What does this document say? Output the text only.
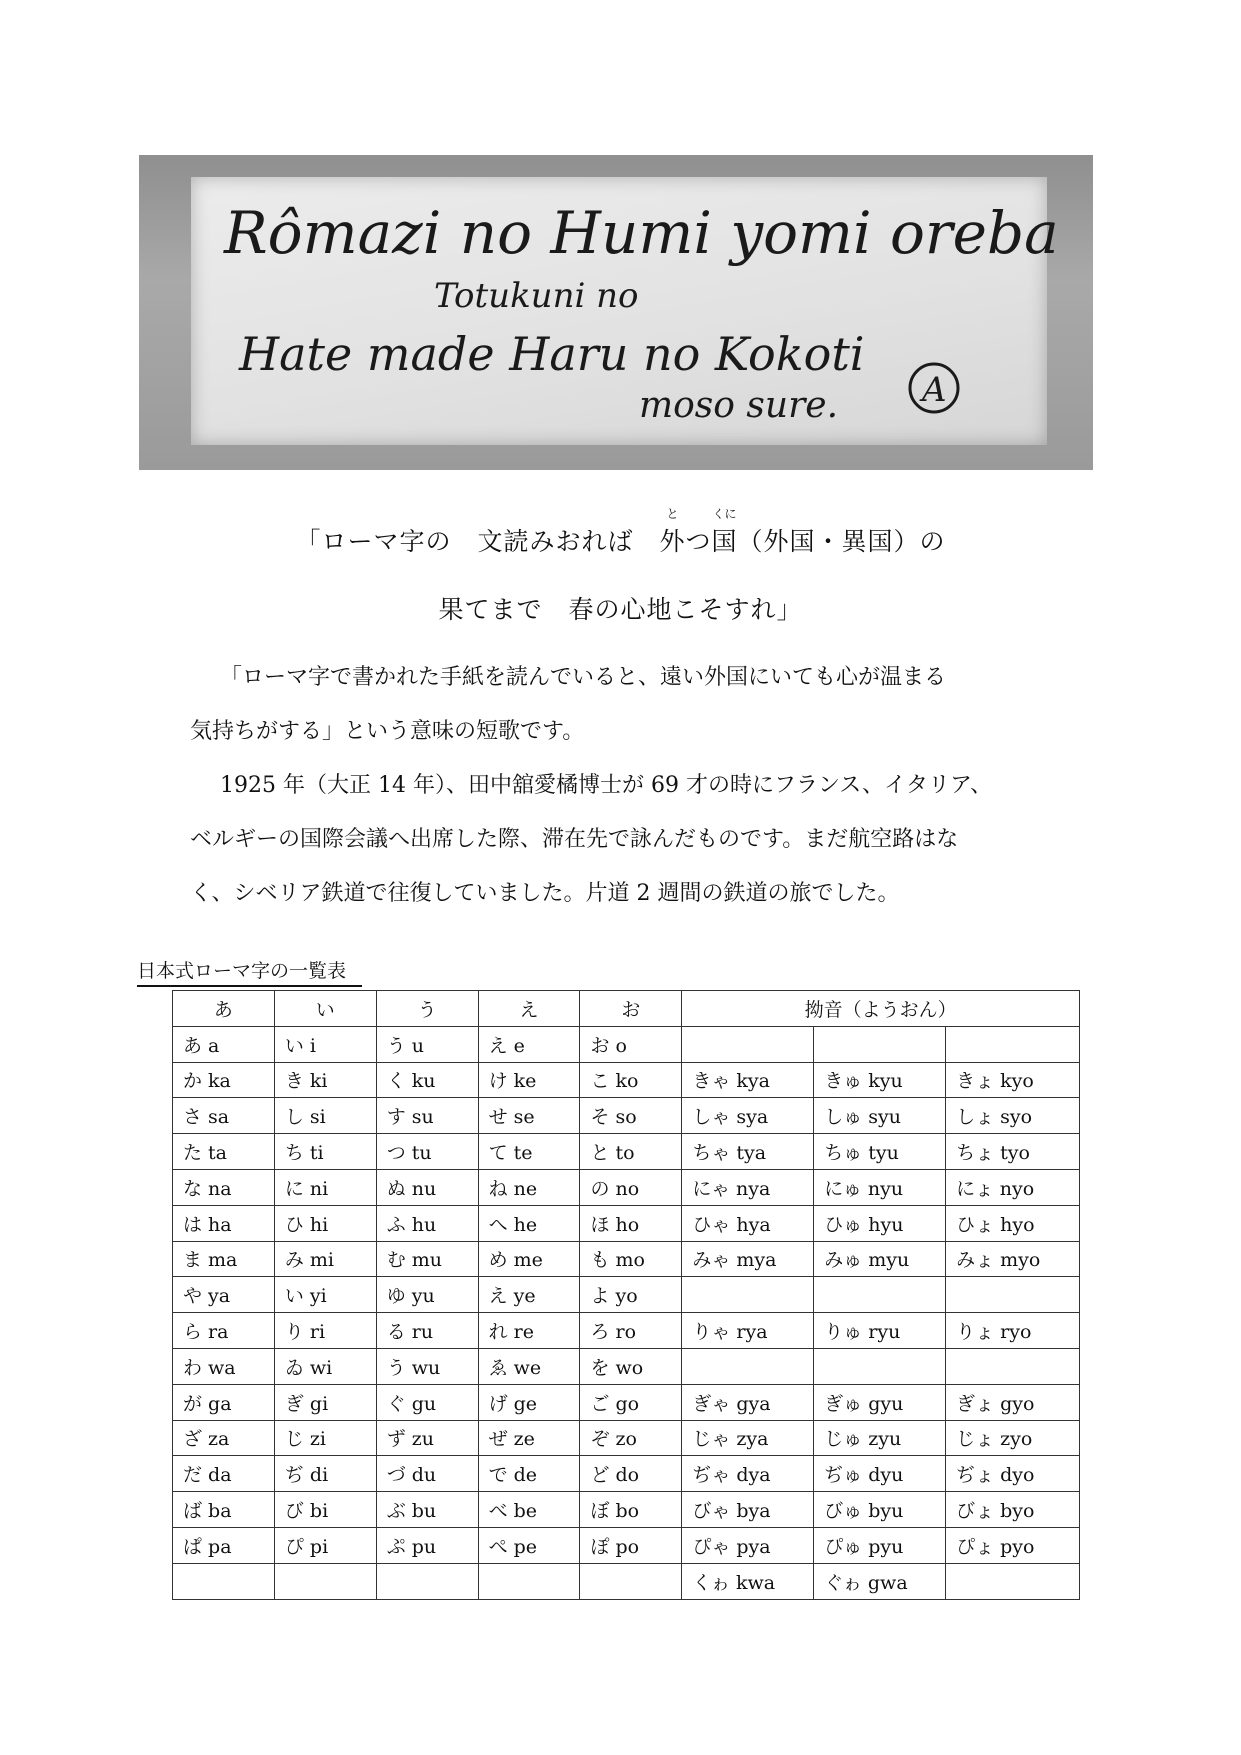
Rômazi no Humi yomi oreba
Totukuni no
Hate made Haru no Kokoti
moso sure. A
「ローマ字の　文読みおれば　
と
外つ
くに
国（外国・異国）の
果てまで　春の心地こそすれ」

「ローマ字で書かれた手紙を読んでいると、遠い外国にいても心が温まる

気持ちがする」という意味の短歌です。

1925 年（大正 14 年）、田中舘愛橘博士が 69 才の時にフランス、イタリア、

ベルギーの国際会議へ出席した際、滞在先で詠んだものです。まだ航空路はな

く、シベリア鉄道で往復していました。片道 2 週間の鉄道の旅でした。

日本式ローマ字の一覧表
あ	い	う	え	お	拗音（ようおん）		
あ a	い i	う u	え e	お o			
か ka	き ki	く ku	け ke	こ ko	きゃ kya	きゅ kyu	きょ kyo
さ sa	し si	す su	せ se	そ so	しゃ sya	しゅ syu	しょ syo
た ta	ち ti	つ tu	て te	と to	ちゃ tya	ちゅ tyu	ちょ tyo
な na	に ni	ぬ nu	ね ne	の no	にゃ nya	にゅ nyu	にょ nyo
は ha	ひ hi	ふ hu	へ he	ほ ho	ひゃ hya	ひゅ hyu	ひょ hyo
ま ma	み mi	む mu	め me	も mo	みゃ mya	みゅ myu	みょ myo
や ya	い yi	ゆ yu	え ye	よ yo			
ら ra	り ri	る ru	れ re	ろ ro	りゃ rya	りゅ ryu	りょ ryo
わ wa	ゐ wi	う wu	ゑ we	を wo			
が ga	ぎ gi	ぐ gu	げ ge	ご go	ぎゃ gya	ぎゅ gyu	ぎょ gyo
ざ za	じ zi	ず zu	ぜ ze	ぞ zo	じゃ zya	じゅ zyu	じょ zyo
だ da	ぢ di	づ du	で de	ど do	ぢゃ dya	ぢゅ dyu	ぢょ dyo
ば ba	び bi	ぶ bu	べ be	ぼ bo	びゃ bya	びゅ byu	びょ byo
ぱ pa	ぴ pi	ぷ pu	ぺ pe	ぽ po	ぴゃ pya	ぴゅ pyu	ぴょ pyo
					くゎ kwa	ぐゎ gwa	
